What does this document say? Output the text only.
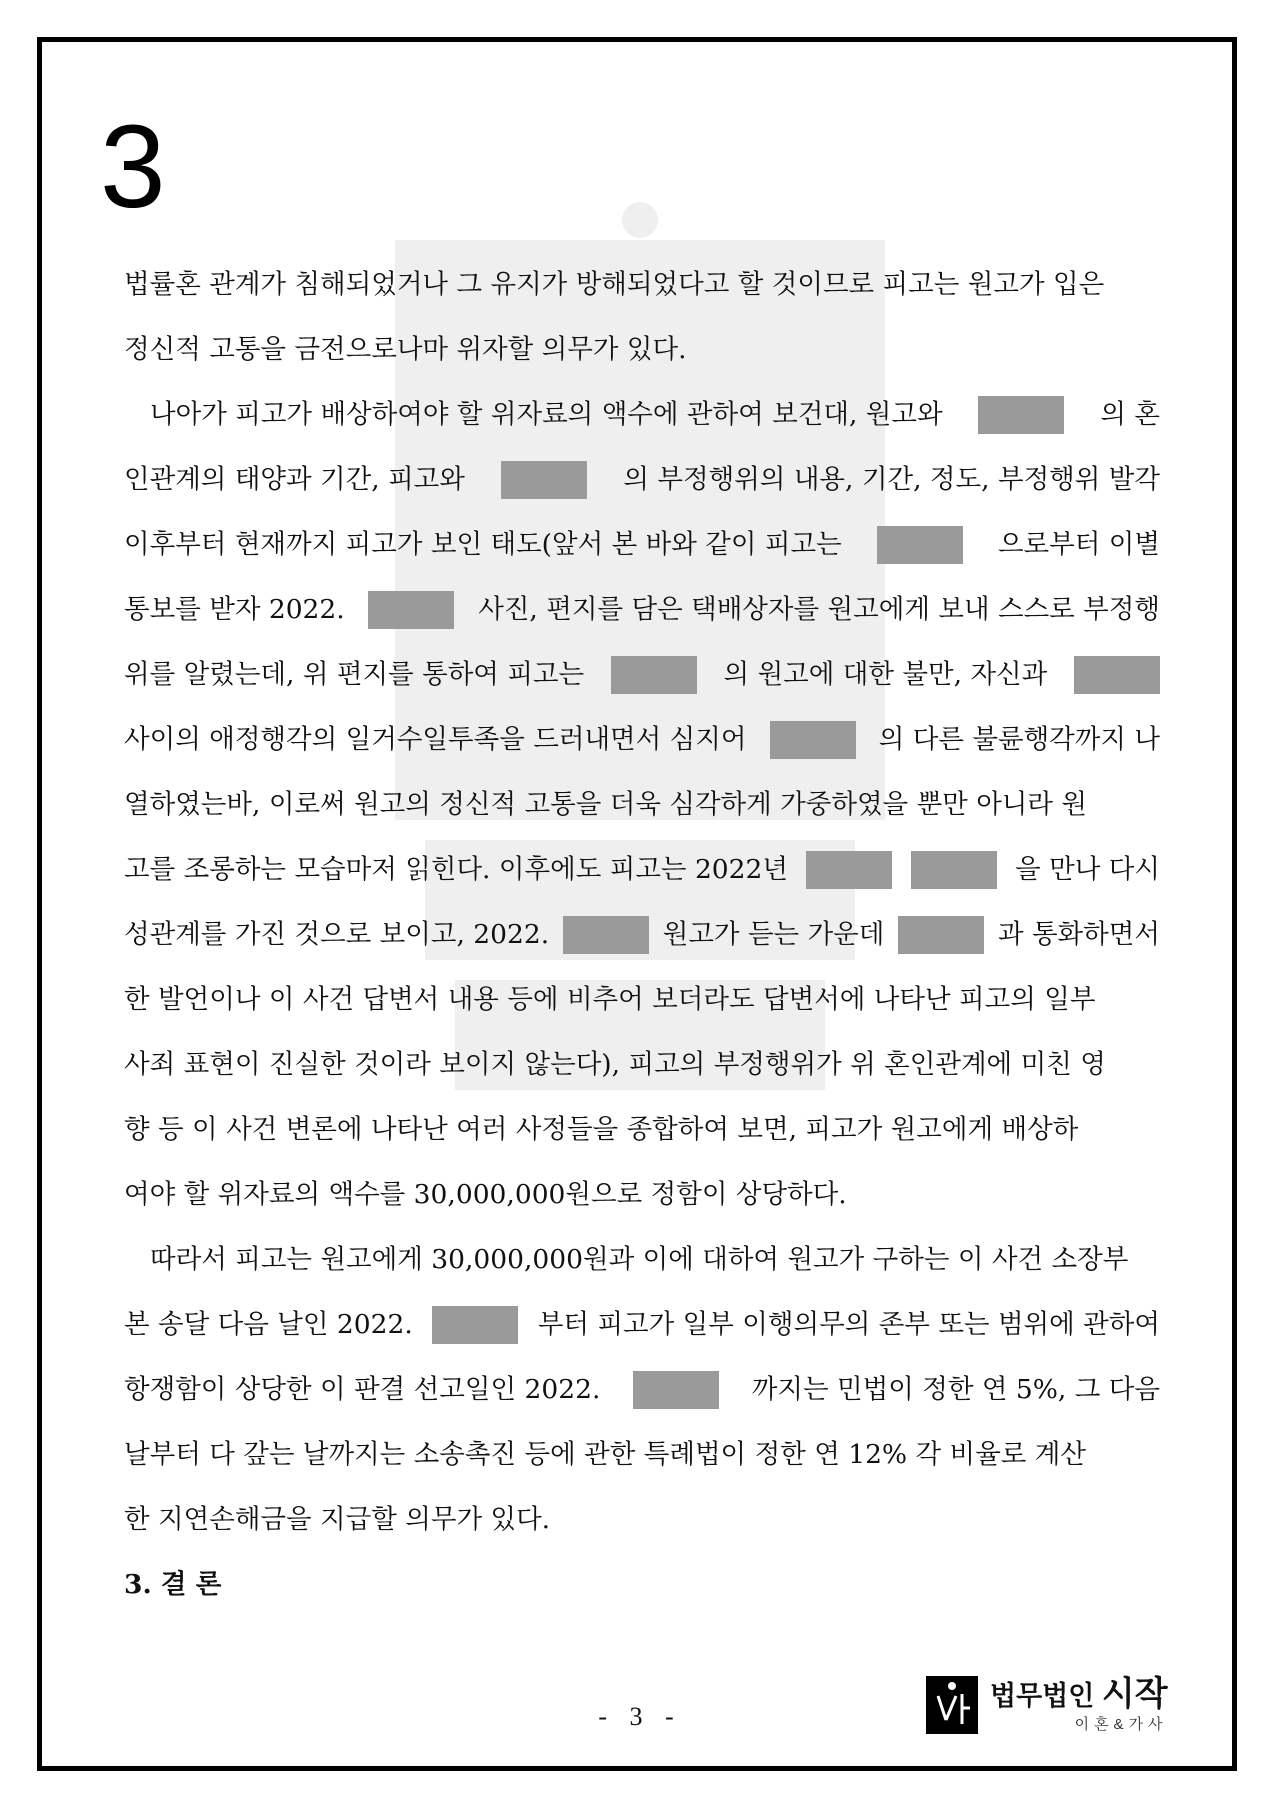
3
법률혼 관계가 침해되었거나 그 유지가 방해되었다고 할 것이므로 피고는 원고가 입은
정신적 고통을 금전으로나마 위자할 의무가 있다.
나아가 피고가 배상하여야 할 위자료의 액수에 관하여 보건대, 원고와	의 혼
인관계의 태양과 기간, 피고와	의 부정행위의 내용, 기간, 정도, 부정행위 발각
이후부터 현재까지 피고가 보인 태도(앞서 본 바와 같이 피고는	으로부터 이별
통보를 받자 2022.	사진, 편지를 담은 택배상자를 원고에게 보내 스스로 부정행
위를 알렸는데, 위 편지를 통하여 피고는	의 원고에 대한 불만, 자신과
사이의 애정행각의 일거수일투족을 드러내면서 심지어	의 다른 불륜행각까지 나
열하였는바, 이로써 원고의 정신적 고통을 더욱 심각하게 가중하였을 뿐만 아니라 원
고를 조롱하는 모습마저 읽힌다. 이후에도 피고는 2022년	을 만나 다시
성관계를 가진 것으로 보이고, 2022.	원고가 듣는 가운데	과 통화하면서
한 발언이나 이 사건 답변서 내용 등에 비추어 보더라도 답변서에 나타난 피고의 일부
사죄 표현이 진실한 것이라 보이지 않는다), 피고의 부정행위가 위 혼인관계에 미친 영
향 등 이 사건 변론에 나타난 여러 사정들을 종합하여 보면, 피고가 원고에게 배상하
여야 할 위자료의 액수를 30,000,000원으로 정함이 상당하다.
따라서 피고는 원고에게 30,000,000원과 이에 대하여 원고가 구하는 이 사건 소장부
본 송달 다음 날인 2022.	부터 피고가 일부 이행의무의 존부 또는 범위에 관하여
항쟁함이 상당한 이 판결 선고일인 2022.	까지는 민법이 정한 연 5%, 그 다음
날부터 다 갚는 날까지는 소송촉진 등에 관한 특례법이 정한 연 12% 각 비율로 계산
한 지연손해금을 지급할 의무가 있다.
3. 결 론
- 3 -
법무법인 시작
이혼&가사
